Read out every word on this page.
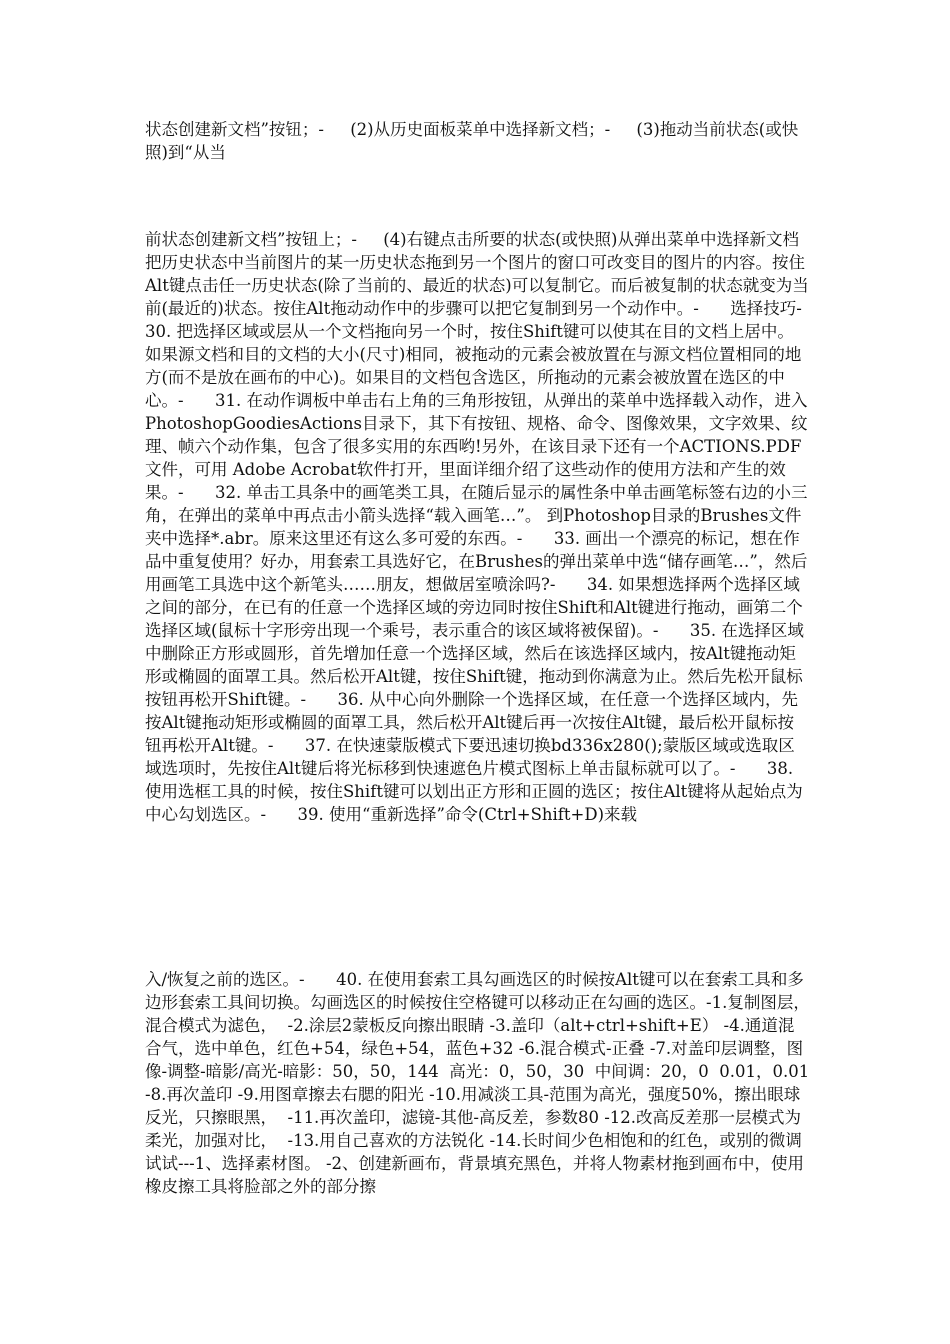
状态创建新文档”按钮；-     (2)从历史面板菜单中选择新文档；-     (3)拖动当前状态(或快照)到“从当
前状态创建新文档”按钮上；-     (4)右键点击所要的状态(或快照)从弹出菜单中选择新文档把历史状态中当前图片的某一历史状态拖到另一个图片的窗口可改变目的图片的内容。按住Alt键点击任一历史状态(除了当前的、最近的状态)可以复制它。而后被复制的状态就变为当前(最近的)状态。按住Alt拖动动作中的步骤可以把它复制到另一个动作中。-      选择技巧-      30. 把选择区域或层从一个文档拖向另一个时，按住Shift键可以使其在目的文档上居中。如果源文档和目的文档的大小(尺寸)相同，被拖动的元素会被放置在与源文档位置相同的地方(而不是放在画布的中心)。如果目的文档包含选区，所拖动的元素会被放置在选区的中心。-      31. 在动作调板中单击右上角的三角形按钮，从弹出的菜单中选择载入动作，进入PhotoshopGoodiesActions目录下，其下有按钮、规格、命令、图像效果，文字效果、纹理、帧六个动作集，包含了很多实用的东西哟!另外，在该目录下还有一个ACTIONS.PDF文件，可用 Adobe Acrobat软件打开，里面详细介绍了这些动作的使用方法和产生的效果。-      32. 单击工具条中的画笔类工具，在随后显示的属性条中单击画笔标签右边的小三角，在弹出的菜单中再点击小箭头选择“载入画笔…”。 到Photoshop目录的Brushes文件夹中选择*.abr。原来这里还有这么多可爱的东西。-      33. 画出一个漂亮的标记，想在作品中重复使用？好办，用套索工具选好它，在Brushes的弹出菜单中选“储存画笔…”，然后用画笔工具选中这个新笔头……朋友，想做居室喷涂吗?-      34. 如果想选择两个选择区域之间的部分，在已有的任意一个选择区域的旁边同时按住Shift和Alt键进行拖动，画第二个选择区域(鼠标十字形旁出现一个乘号，表示重合的该区域将被保留)。-      35. 在选择区域中删除正方形或圆形，首先增加任意一个选择区域，然后在该选择区域内，按Alt键拖动矩形或椭圆的面罩工具。然后松开Alt键，按住Shift键，拖动到你满意为止。然后先松开鼠标按钮再松开Shift键。-      36. 从中心向外删除一个选择区域，在任意一个选择区域内，先按Alt键拖动矩形或椭圆的面罩工具，然后松开Alt键后再一次按住Alt键，最后松开鼠标按钮再松开Alt键。-      37. 在快速蒙版模式下要迅速切换bd336x280();蒙版区域或选取区域选项时，先按住Alt键后将光标移到快速遮色片模式图标上单击鼠标就可以了。-      38. 使用选框工具的时候，按住Shift键可以划出正方形和正圆的选区；按住Alt键将从起始点为中心勾划选区。-      39. 使用“重新选择”命令(Ctrl+Shift+D)来载
入/恢复之前的选区。-      40. 在使用套索工具勾画选区的时候按Alt键可以在套索工具和多边形套索工具间切换。勾画选区的时候按住空格键可以移动正在勾画的选区。-1.复制图层，混合模式为滤色，  -2.涂层2蒙板反向擦出眼睛 -3.盖印（alt+ctrl+shift+E） -4.通道混合气，选中单色，红色+54，绿色+54，蓝色+32 -6.混合模式-正叠 -7.对盖印层调整，图像-调整-暗影/高光-暗影：50，50，144  高光：0，50，30  中间调：20，0  0.01，0.01 -8.再次盖印 -9.用图章擦去右腮的阳光 -10.用减淡工具-范围为高光，强度50%，擦出眼球反光，只擦眼黑，  -11.再次盖印，滤镜-其他-高反差，参数80 -12.改高反差那一层模式为柔光，加强对比，  -13.用自己喜欢的方法锐化 -14.长时间少色相饱和的红色，或别的微调试试---1、选择素材图。 -2、创建新画布，背景填充黑色，并将人物素材拖到画布中，使用橡皮擦工具将脸部之外的部分擦
